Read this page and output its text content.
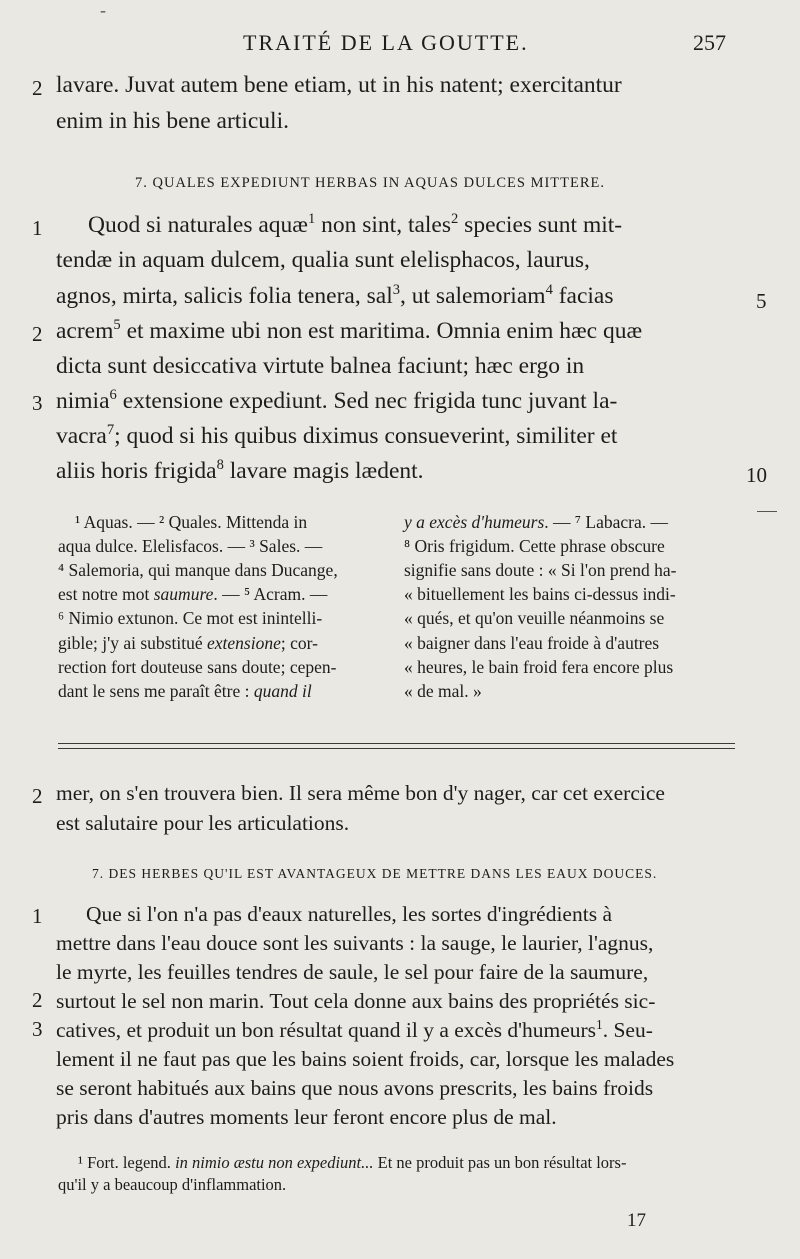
-
TRAITÉ DE LA GOUTTE.	257
2 lavare. Juvat autem bene etiam, ut in his natent; exercitantur
enim in his bene articuli.
7. QUALES EXPEDIUNT HERBAS IN AQUAS DULCES MITTERE.
1
2
3
5
10
Quod si naturales aquæ$^1$ non sint, tales$^2$ species sunt mit-
tendæ in aquam dulcem, qualia sunt elelisphacos, laurus,
agnos, mirta, salicis folia tenera, sal$^3$, ut salemoriam$^4$ facias
acrem$^5$ et maxime ubi non est maritima. Omnia enim hæc quæ
dicta sunt desiccativa virtute balnea faciunt; hæc ergo in
nimia$^6$ extensione expediunt. Sed nec frigida tunc juvant la-
vacra$^7$; quod si his quibus diximus consueverint, similiter et
aliis horis frigida$^8$ lavare magis lædent.
¹ Aquas. — ² Quales. Mittenda in
aqua dulce. Elelisfacos. — ³ Sales. —
⁴ Salemoria, qui manque dans Ducange,
est notre mot saumure. — ⁵ Acram. —
⁶ Nimio extunon. Ce mot est inintelli-
gible; j'y ai substitué extensione; cor-
rection fort douteuse sans doute; cepen-
dant le sens me paraît être : quand il
y a excès d'humeurs. — ⁷ Labacra. —
⁸ Oris frigidum. Cette phrase obscure
signifie sans doute : « Si l'on prend ha-
« bituellement les bains ci-dessus indi-
« qués, et qu'on veuille néanmoins se
« baigner dans l'eau froide à d'autres
« heures, le bain froid fera encore plus
« de mal. »
2 mer, on s'en trouvera bien. Il sera même bon d'y nager, car cet exercice
est salutaire pour les articulations.
7. DES HERBES QU'IL EST AVANTAGEUX DE METTRE DANS LES EAUX DOUCES.
1
2
3
Que si l'on n'a pas d'eaux naturelles, les sortes d'ingrédients à
mettre dans l'eau douce sont les suivants : la sauge, le laurier, l'agnus,
le myrte, les feuilles tendres de saule, le sel pour faire de la saumure,
surtout le sel non marin. Tout cela donne aux bains des propriétés sic-
catives, et produit un bon résultat quand il y a excès d'humeurs$^1$. Seu-
lement il ne faut pas que les bains soient froids, car, lorsque les malades
se seront habitués aux bains que nous avons prescrits, les bains froids
pris dans d'autres moments leur feront encore plus de mal.
¹ Fort. legend. in nimio æstu non expediunt... Et ne produit pas un bon résultat lors-
qu'il y a beaucoup d'inflammation.
17
